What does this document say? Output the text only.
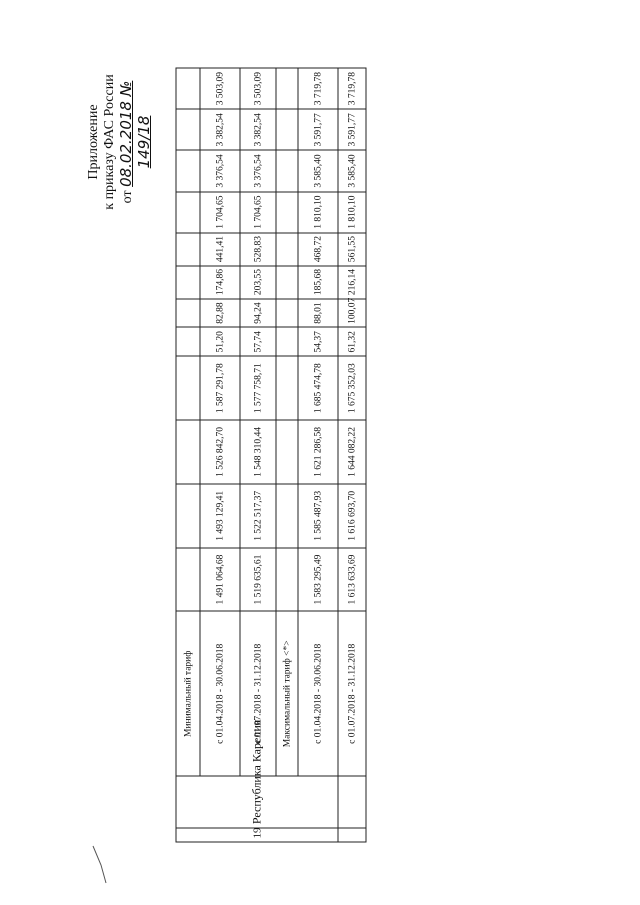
Приложение к приказу ФАС России от 08.02.2018 № 149/18
19	Республика Карелия	Минимальный тариф												
		с 01.04.2018 - 30.06.2018	1 491 064,68	1 493 129,41	1 526 842,70	1 587 291,78	51,20	82,88	174,86	441,41	1 704,65	3 376,54	3 382,54	3 503,09
		с 01.07.2018 - 31.12.2018	1 519 635,61	1 522 517,37	1 548 310,44	1 577 758,71	57,74	94,24	203,55	528,83	1 704,65	3 376,54	3 382,54	3 503,09
		Максимальный тариф <*>												
		с 01.04.2018 - 30.06.2018	1 583 295,49	1 585 487,93	1 621 286,58	1 685 474,78	54,37	88,01	185,68	468,72	1 810,10	3 585,40	3 591,77	3 719,78
		с 01.07.2018 - 31.12.2018	1 613 633,69	1 616 693,70	1 644 082,22	1 675 352,03	61,32	100,07	216,14	561,55	1 810,10	3 585,40	3 591,77	3 719,78
